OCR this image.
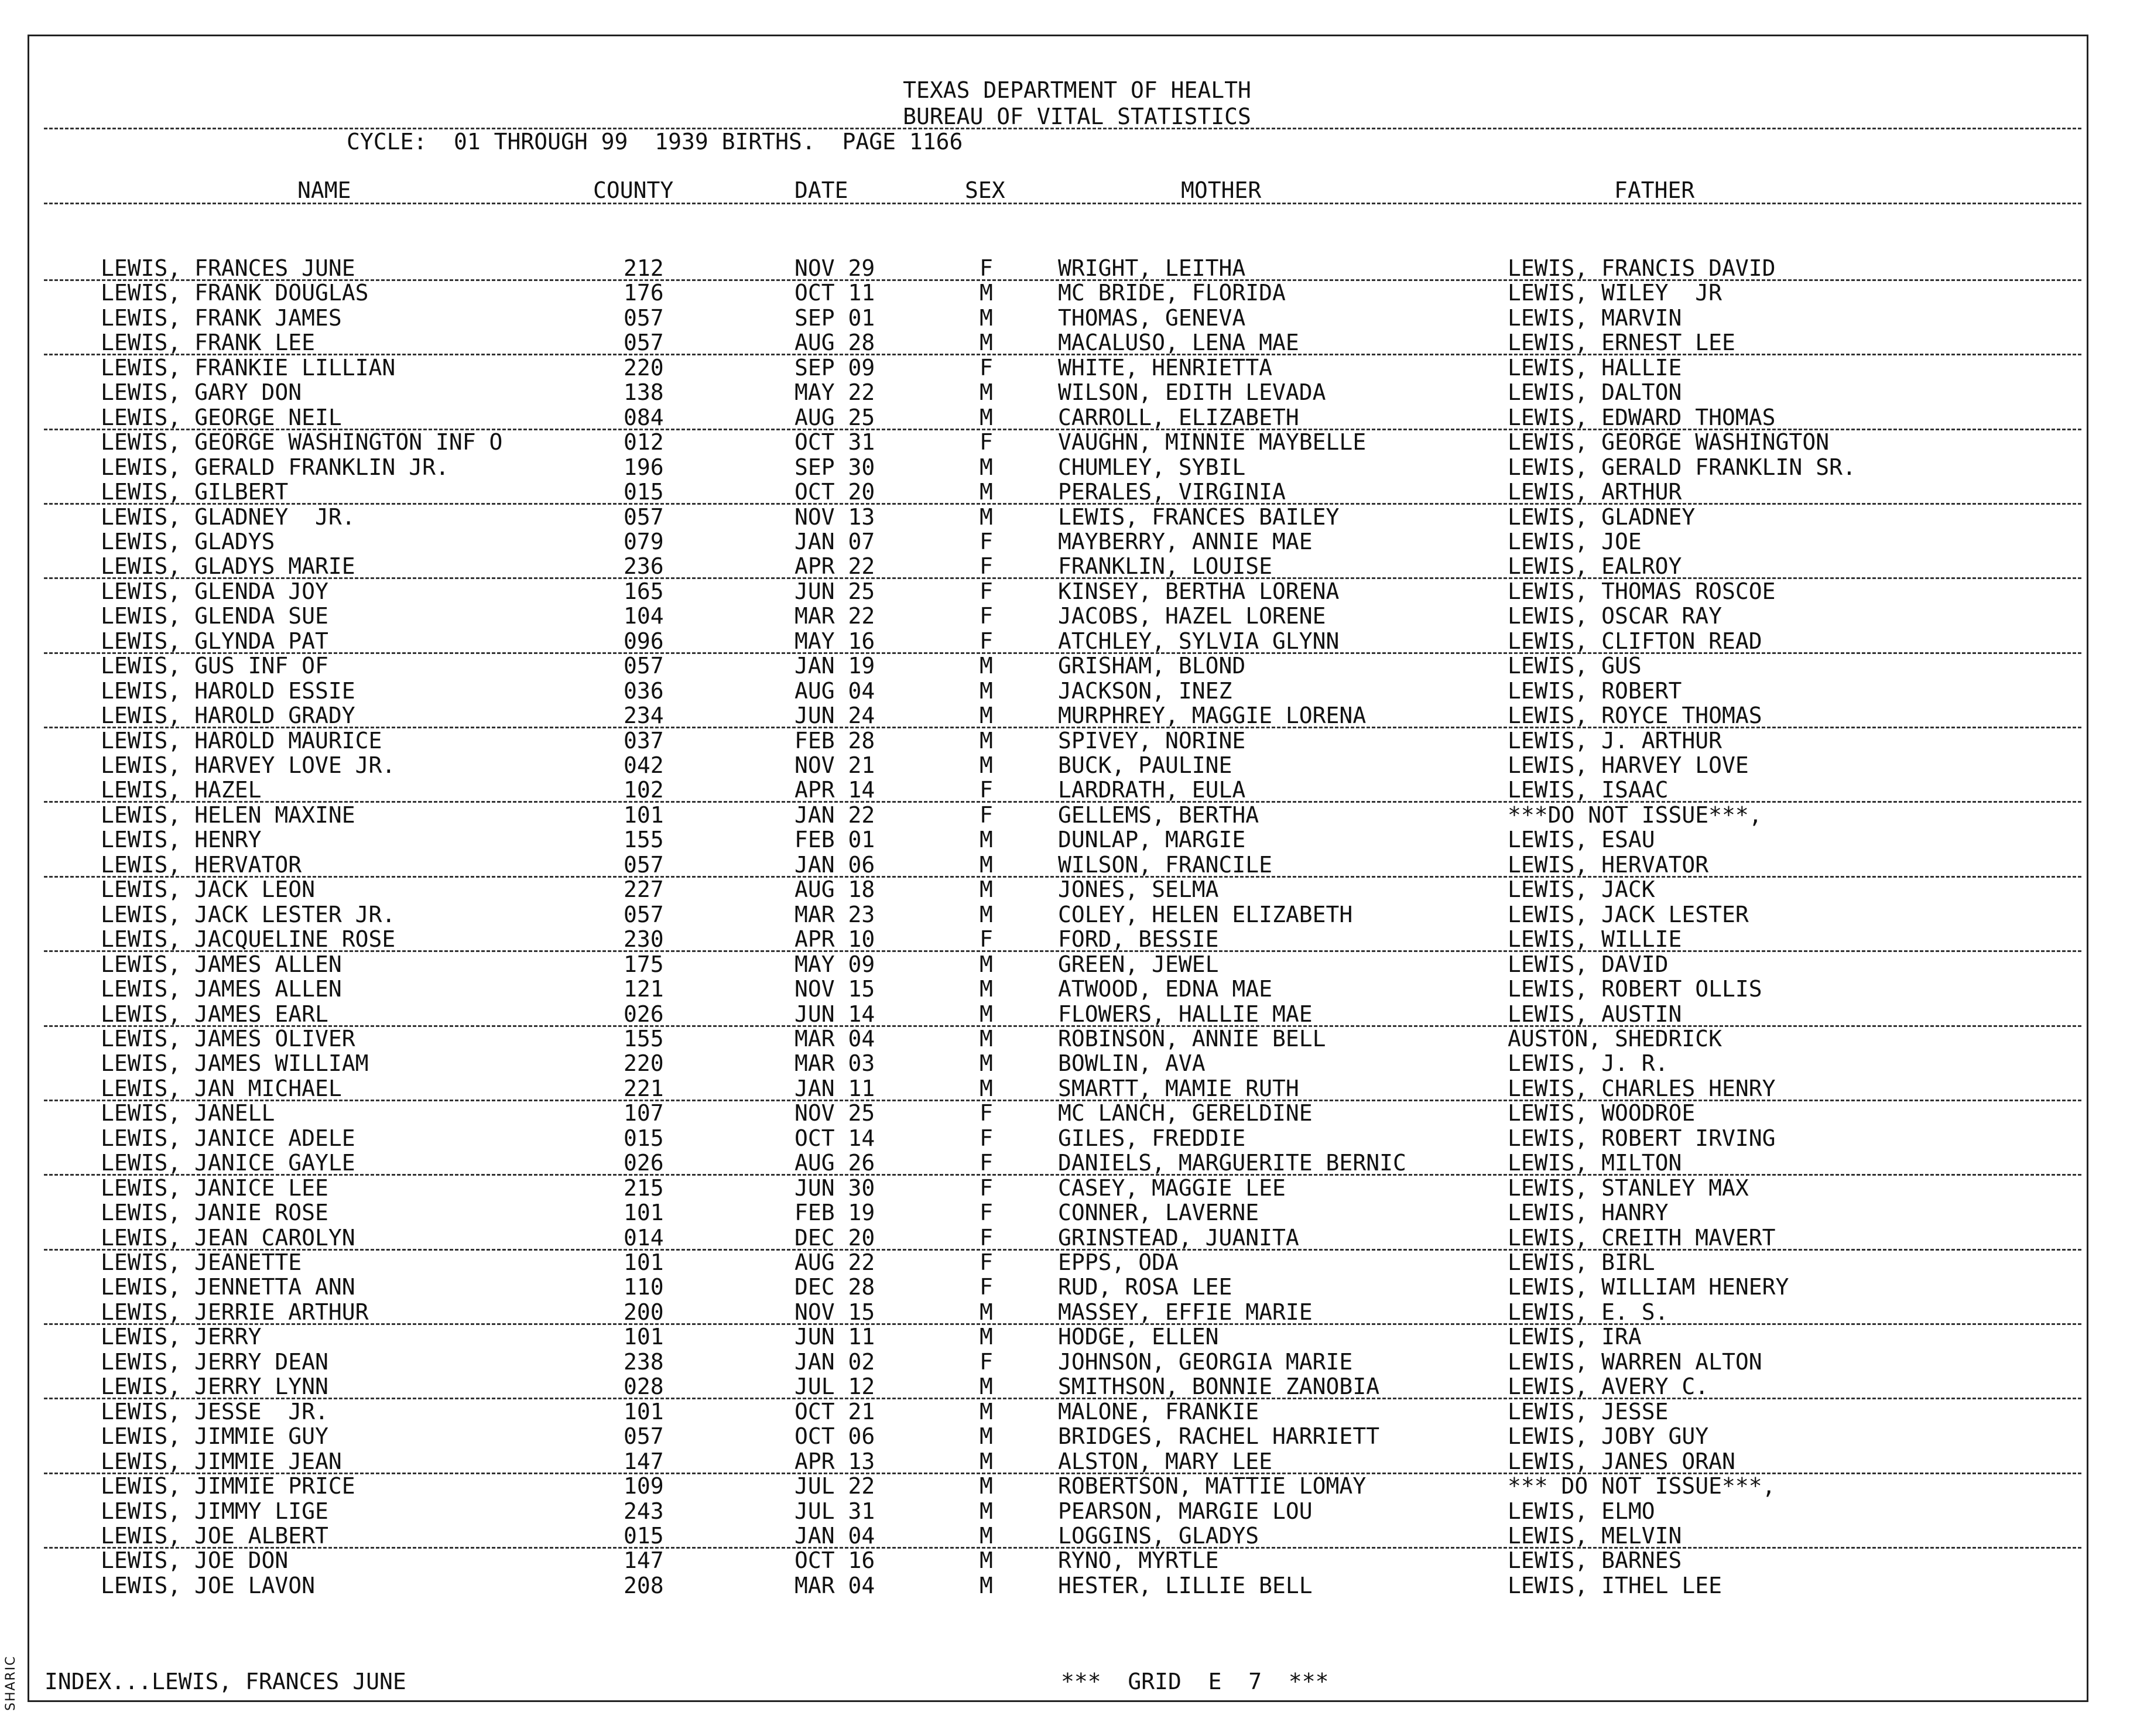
SHARIC
TEXAS DEPARTMENT OF HEALTH
BUREAU OF VITAL STATISTICS
CYCLE:  01 THROUGH 99  1939 BIRTHS.  PAGE 1166
NAME	COUNTY	DATE	SEX	MOTHER	FATHER
LEWIS, FRANCES JUNE	212	NOV 29	F	WRIGHT, LEITHA	LEWIS, FRANCIS DAVID
LEWIS, FRANK DOUGLAS	176	OCT 11	M	MC BRIDE, FLORIDA	LEWIS, WILEY  JR
LEWIS, FRANK JAMES	057	SEP 01	M	THOMAS, GENEVA	LEWIS, MARVIN
LEWIS, FRANK LEE	057	AUG 28	M	MACALUSO, LENA MAE	LEWIS, ERNEST LEE
LEWIS, FRANKIE LILLIAN	220	SEP 09	F	WHITE, HENRIETTA	LEWIS, HALLIE
LEWIS, GARY DON	138	MAY 22	M	WILSON, EDITH LEVADA	LEWIS, DALTON
LEWIS, GEORGE NEIL	084	AUG 25	M	CARROLL, ELIZABETH	LEWIS, EDWARD THOMAS
LEWIS, GEORGE WASHINGTON INF O	012	OCT 31	F	VAUGHN, MINNIE MAYBELLE	LEWIS, GEORGE WASHINGTON
LEWIS, GERALD FRANKLIN JR.	196	SEP 30	M	CHUMLEY, SYBIL	LEWIS, GERALD FRANKLIN SR.
LEWIS, GILBERT	015	OCT 20	M	PERALES, VIRGINIA	LEWIS, ARTHUR
LEWIS, GLADNEY  JR.	057	NOV 13	M	LEWIS, FRANCES BAILEY	LEWIS, GLADNEY
LEWIS, GLADYS	079	JAN 07	F	MAYBERRY, ANNIE MAE	LEWIS, JOE
LEWIS, GLADYS MARIE	236	APR 22	F	FRANKLIN, LOUISE	LEWIS, EALROY
LEWIS, GLENDA JOY	165	JUN 25	F	KINSEY, BERTHA LORENA	LEWIS, THOMAS ROSCOE
LEWIS, GLENDA SUE	104	MAR 22	F	JACOBS, HAZEL LORENE	LEWIS, OSCAR RAY
LEWIS, GLYNDA PAT	096	MAY 16	F	ATCHLEY, SYLVIA GLYNN	LEWIS, CLIFTON READ
LEWIS, GUS INF OF	057	JAN 19	M	GRISHAM, BLOND	LEWIS, GUS
LEWIS, HAROLD ESSIE	036	AUG 04	M	JACKSON, INEZ	LEWIS, ROBERT
LEWIS, HAROLD GRADY	234	JUN 24	M	MURPHREY, MAGGIE LORENA	LEWIS, ROYCE THOMAS
LEWIS, HAROLD MAURICE	037	FEB 28	M	SPIVEY, NORINE	LEWIS, J. ARTHUR
LEWIS, HARVEY LOVE JR.	042	NOV 21	M	BUCK, PAULINE	LEWIS, HARVEY LOVE
LEWIS, HAZEL	102	APR 14	F	LARDRATH, EULA	LEWIS, ISAAC
LEWIS, HELEN MAXINE	101	JAN 22	F	GELLEMS, BERTHA	***DO NOT ISSUE***,
LEWIS, HENRY	155	FEB 01	M	DUNLAP, MARGIE	LEWIS, ESAU
LEWIS, HERVATOR	057	JAN 06	M	WILSON, FRANCILE	LEWIS, HERVATOR
LEWIS, JACK LEON	227	AUG 18	M	JONES, SELMA	LEWIS, JACK
LEWIS, JACK LESTER JR.	057	MAR 23	M	COLEY, HELEN ELIZABETH	LEWIS, JACK LESTER
LEWIS, JACQUELINE ROSE	230	APR 10	F	FORD, BESSIE	LEWIS, WILLIE
LEWIS, JAMES ALLEN	175	MAY 09	M	GREEN, JEWEL	LEWIS, DAVID
LEWIS, JAMES ALLEN	121	NOV 15	M	ATWOOD, EDNA MAE	LEWIS, ROBERT OLLIS
LEWIS, JAMES EARL	026	JUN 14	M	FLOWERS, HALLIE MAE	LEWIS, AUSTIN
LEWIS, JAMES OLIVER	155	MAR 04	M	ROBINSON, ANNIE BELL	AUSTON, SHEDRICK
LEWIS, JAMES WILLIAM	220	MAR 03	M	BOWLIN, AVA	LEWIS, J. R.
LEWIS, JAN MICHAEL	221	JAN 11	M	SMARTT, MAMIE RUTH	LEWIS, CHARLES HENRY
LEWIS, JANELL	107	NOV 25	F	MC LANCH, GERELDINE	LEWIS, WOODROE
LEWIS, JANICE ADELE	015	OCT 14	F	GILES, FREDDIE	LEWIS, ROBERT IRVING
LEWIS, JANICE GAYLE	026	AUG 26	F	DANIELS, MARGUERITE BERNIC	LEWIS, MILTON
LEWIS, JANICE LEE	215	JUN 30	F	CASEY, MAGGIE LEE	LEWIS, STANLEY MAX
LEWIS, JANIE ROSE	101	FEB 19	F	CONNER, LAVERNE	LEWIS, HANRY
LEWIS, JEAN CAROLYN	014	DEC 20	F	GRINSTEAD, JUANITA	LEWIS, CREITH MAVERT
LEWIS, JEANETTE	101	AUG 22	F	EPPS, ODA	LEWIS, BIRL
LEWIS, JENNETTA ANN	110	DEC 28	F	RUD, ROSA LEE	LEWIS, WILLIAM HENERY
LEWIS, JERRIE ARTHUR	200	NOV 15	M	MASSEY, EFFIE MARIE	LEWIS, E. S.
LEWIS, JERRY	101	JUN 11	M	HODGE, ELLEN	LEWIS, IRA
LEWIS, JERRY DEAN	238	JAN 02	F	JOHNSON, GEORGIA MARIE	LEWIS, WARREN ALTON
LEWIS, JERRY LYNN	028	JUL 12	M	SMITHSON, BONNIE ZANOBIA	LEWIS, AVERY C.
LEWIS, JESSE  JR.	101	OCT 21	M	MALONE, FRANKIE	LEWIS, JESSE
LEWIS, JIMMIE GUY	057	OCT 06	M	BRIDGES, RACHEL HARRIETT	LEWIS, JOBY GUY
LEWIS, JIMMIE JEAN	147	APR 13	M	ALSTON, MARY LEE	LEWIS, JANES ORAN
LEWIS, JIMMIE PRICE	109	JUL 22	M	ROBERTSON, MATTIE LOMAY	*** DO NOT ISSUE***,
LEWIS, JIMMY LIGE	243	JUL 31	M	PEARSON, MARGIE LOU	LEWIS, ELMO
LEWIS, JOE ALBERT	015	JAN 04	M	LOGGINS, GLADYS	LEWIS, MELVIN
LEWIS, JOE DON	147	OCT 16	M	RYNO, MYRTLE	LEWIS, BARNES
LEWIS, JOE LAVON	208	MAR 04	M	HESTER, LILLIE BELL	LEWIS, ITHEL LEE
INDEX...LEWIS, FRANCES JUNE	***  GRID  E  7  ***
